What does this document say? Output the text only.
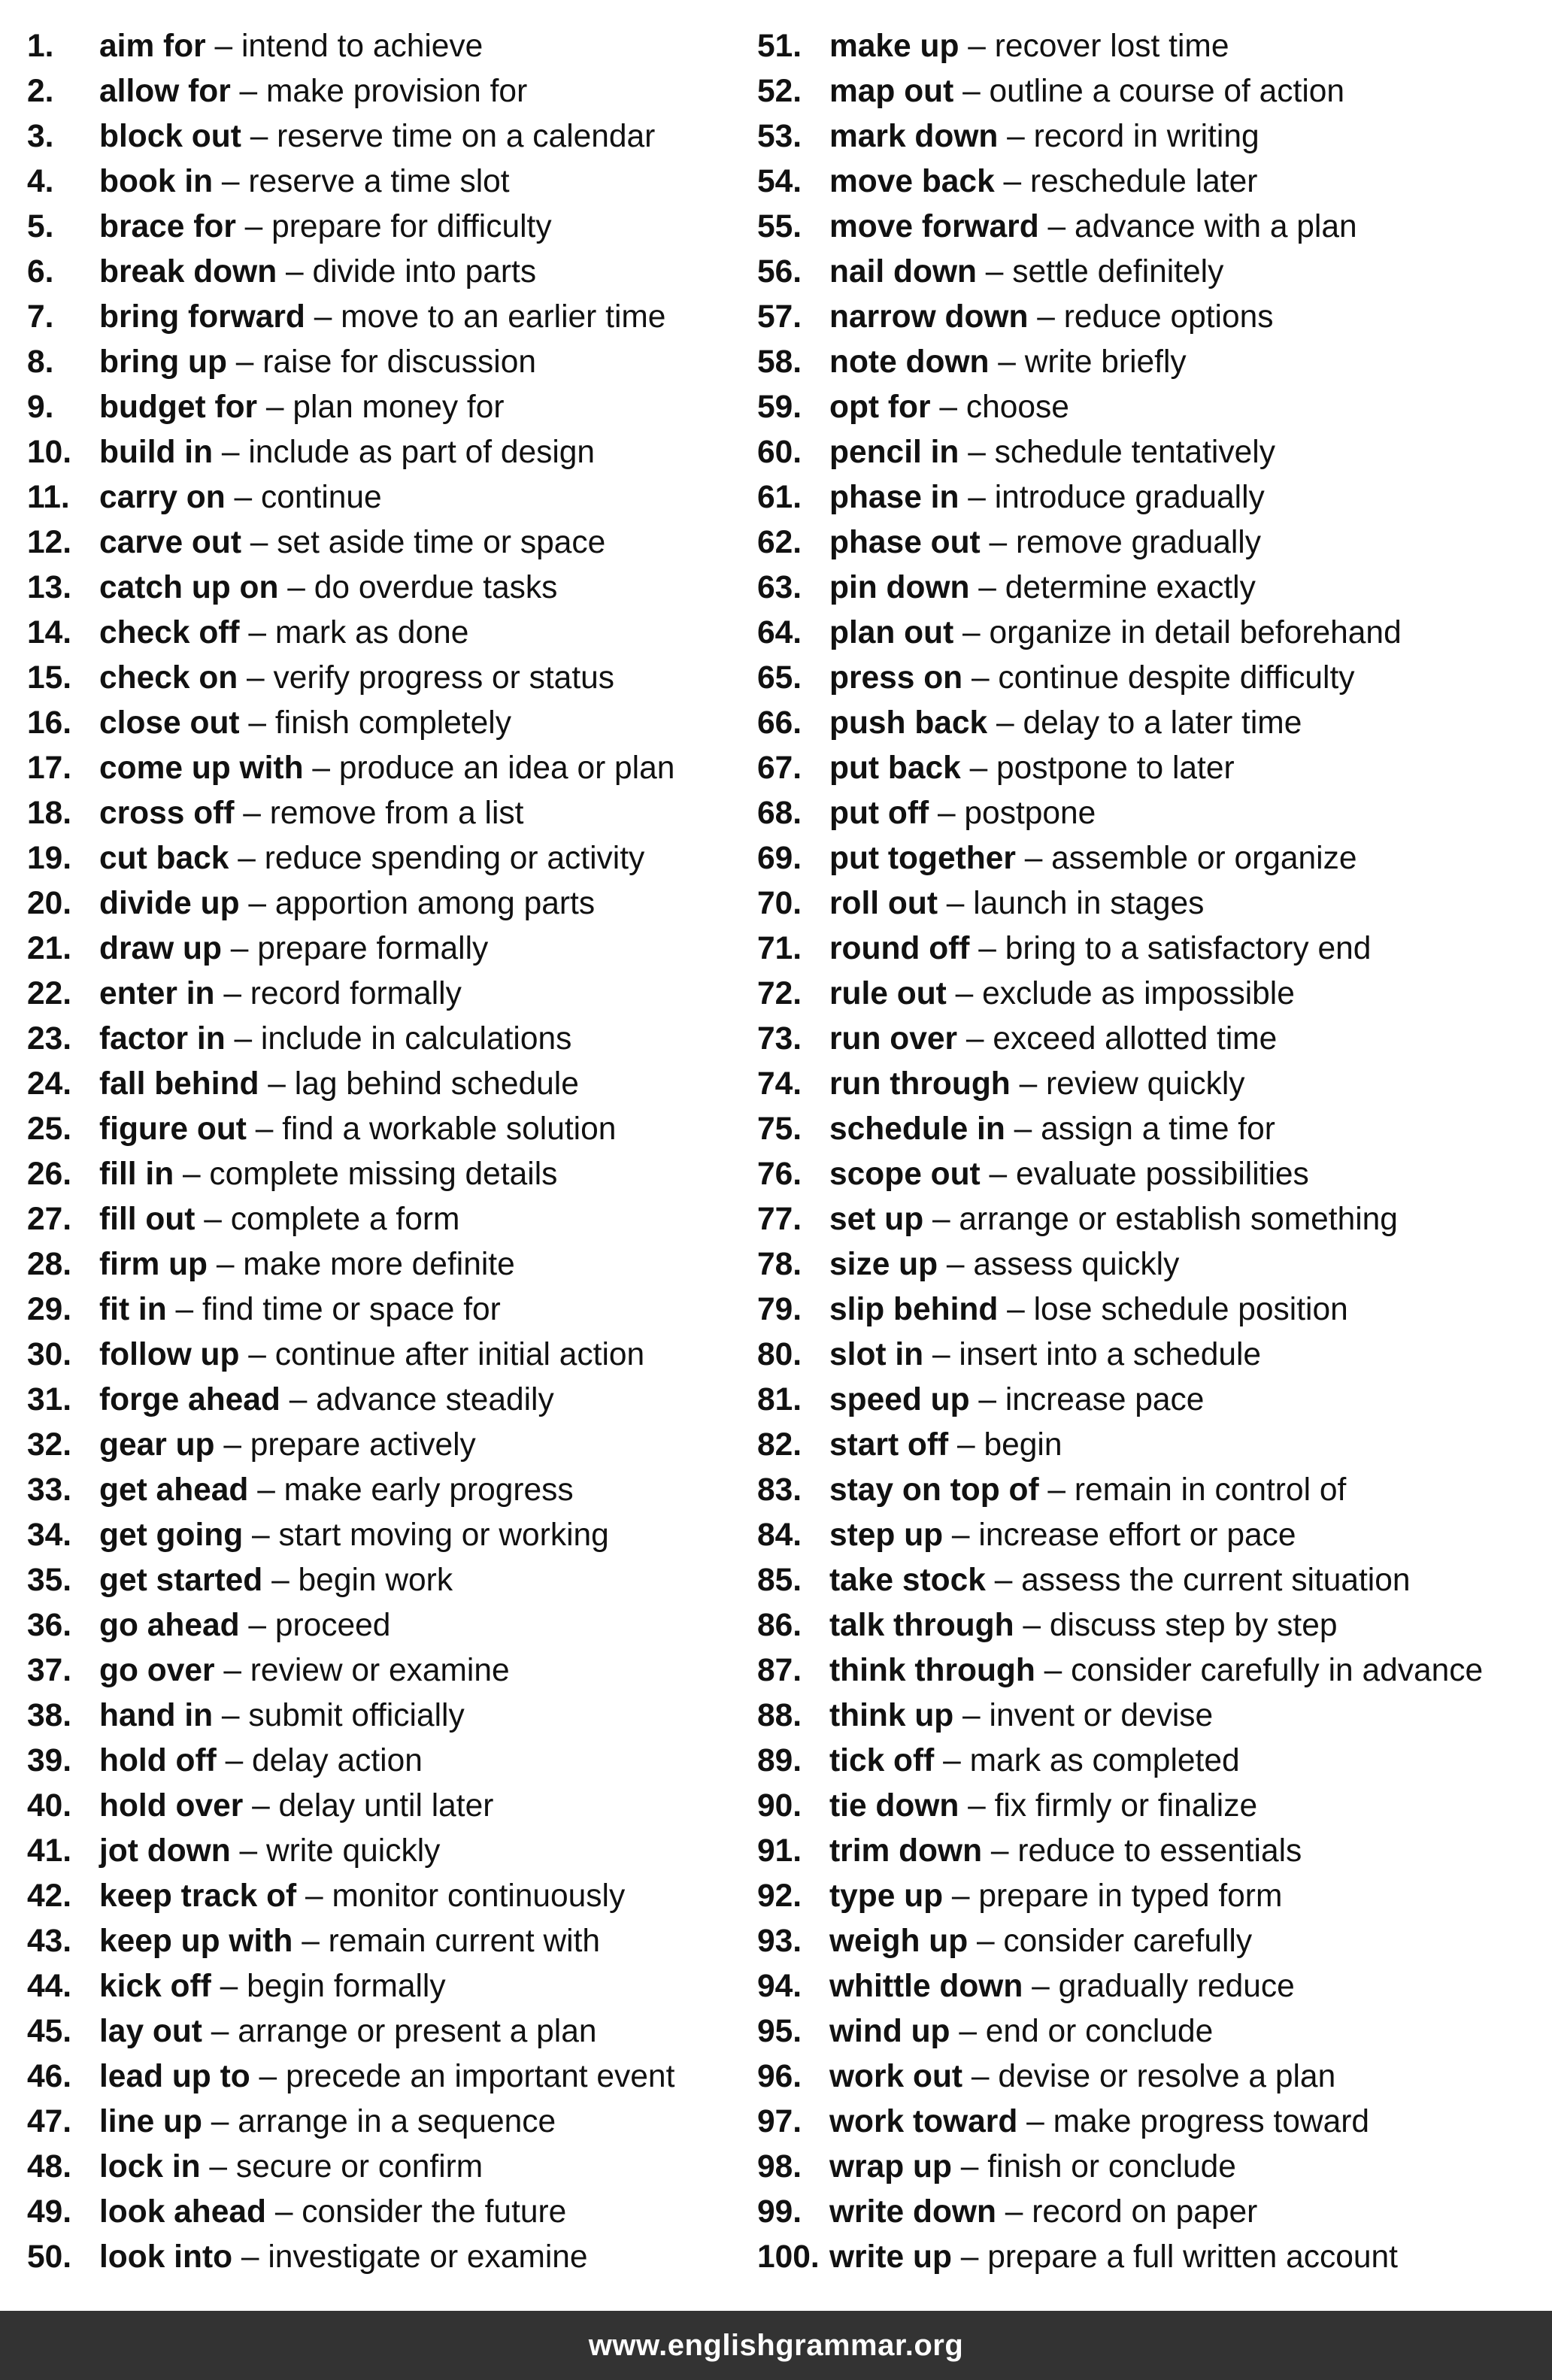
1.	aim for – intend to achieve
2.	allow for – make provision for
3.	block out – reserve time on a calendar
4.	book in – reserve a time slot
5.	brace for – prepare for difficulty
6.	break down – divide into parts
7.	bring forward – move to an earlier time
8.	bring up – raise for discussion
9.	budget for – plan money for
10. build in – include as part of design
11. carry on – continue
12. carve out – set aside time or space
13. catch up on – do overdue tasks
14. check off – mark as done
15. check on – verify progress or status
16. close out – finish completely
17. come up with – produce an idea or plan
18. cross off – remove from a list
19. cut back – reduce spending or activity
20. divide up – apportion among parts
21. draw up – prepare formally
22. enter in – record formally
23. factor in – include in calculations
24. fall behind – lag behind schedule
25. figure out – find a workable solution
26. fill in – complete missing details
27. fill out – complete a form
28. firm up – make more definite
29. fit in – find time or space for
30. follow up – continue after initial action
31. forge ahead – advance steadily
32. gear up – prepare actively
33. get ahead – make early progress
34. get going – start moving or working
35. get started – begin work
36. go ahead – proceed
37. go over – review or examine
38. hand in – submit officially
39. hold off – delay action
40. hold over – delay until later
41. jot down – write quickly
42. keep track of – monitor continuously
43. keep up with – remain current with
44. kick off – begin formally
45. lay out – arrange or present a plan
46. lead up to – precede an important event
47. line up – arrange in a sequence
48. lock in – secure or confirm
49. look ahead – consider the future
50. look into – investigate or examine
51. make up – recover lost time
52. map out – outline a course of action
53. mark down – record in writing
54. move back – reschedule later
55. move forward – advance with a plan
56. nail down – settle definitely
57. narrow down – reduce options
58. note down – write briefly
59. opt for – choose
60. pencil in – schedule tentatively
61. phase in – introduce gradually
62. phase out – remove gradually
63. pin down – determine exactly
64. plan out – organize in detail beforehand
65. press on – continue despite difficulty
66. push back – delay to a later time
67. put back – postpone to later
68. put off – postpone
69. put together – assemble or organize
70. roll out – launch in stages
71. round off – bring to a satisfactory end
72. rule out – exclude as impossible
73. run over – exceed allotted time
74. run through – review quickly
75. schedule in – assign a time for
76. scope out – evaluate possibilities
77. set up – arrange or establish something
78. size up – assess quickly
79. slip behind – lose schedule position
80. slot in – insert into a schedule
81. speed up – increase pace
82. start off – begin
83. stay on top of – remain in control of
84. step up – increase effort or pace
85. take stock – assess the current situation
86. talk through – discuss step by step
87. think through – consider carefully in advance
88. think up – invent or devise
89. tick off – mark as completed
90. tie down – fix firmly or finalize
91. trim down – reduce to essentials
92. type up – prepare in typed form
93. weigh up – consider carefully
94. whittle down – gradually reduce
95. wind up – end or conclude
96. work out – devise or resolve a plan
97. work toward – make progress toward
98. wrap up – finish or conclude
99. write down – record on paper
100. write up – prepare a full written account
www.englishgrammar.org
